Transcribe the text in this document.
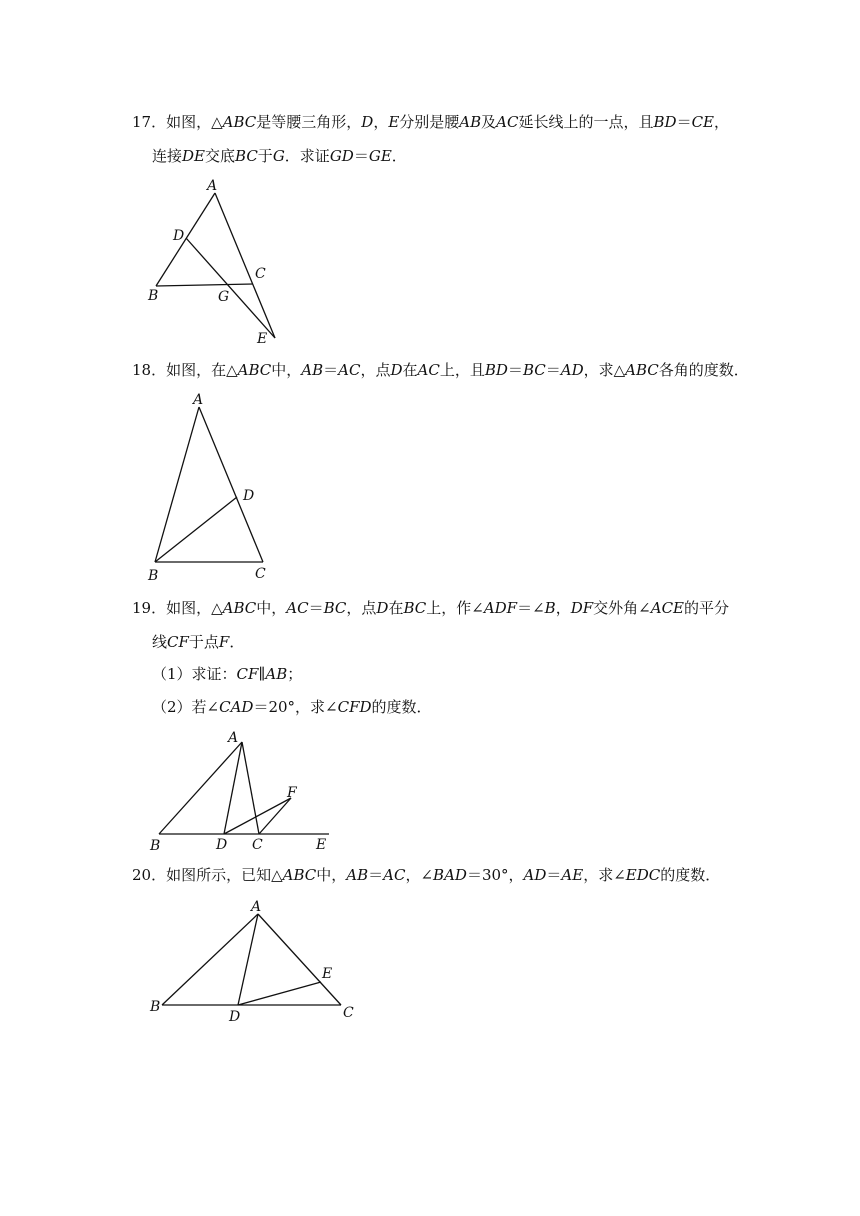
17．如图，△ABC是等腰三角形，D，E分别是腰AB及AC延长线上的一点，且BD＝CE，
连接DE交底BC于G．求证GD＝GE．
18．如图，在△ABC中，AB＝AC，点D在AC上，且BD＝BC＝AD，求△ABC各角的度数．
19．如图，△ABC中，AC＝BC，点D在BC上，作∠ADF＝∠B，DF交外角∠ACE的平分
线CF于点F．
（1）求证：CF∥AB；
（2）若∠CAD＝20°，求∠CFD的度数．
20．如图所示，已知△ABC中，AB＝AC，∠BAD＝30°，AD＝AE，求∠EDC的度数．
A
D
B	G
C
E
A
D
B	C
A
F
B	D C	E
A
E
B
D	C
